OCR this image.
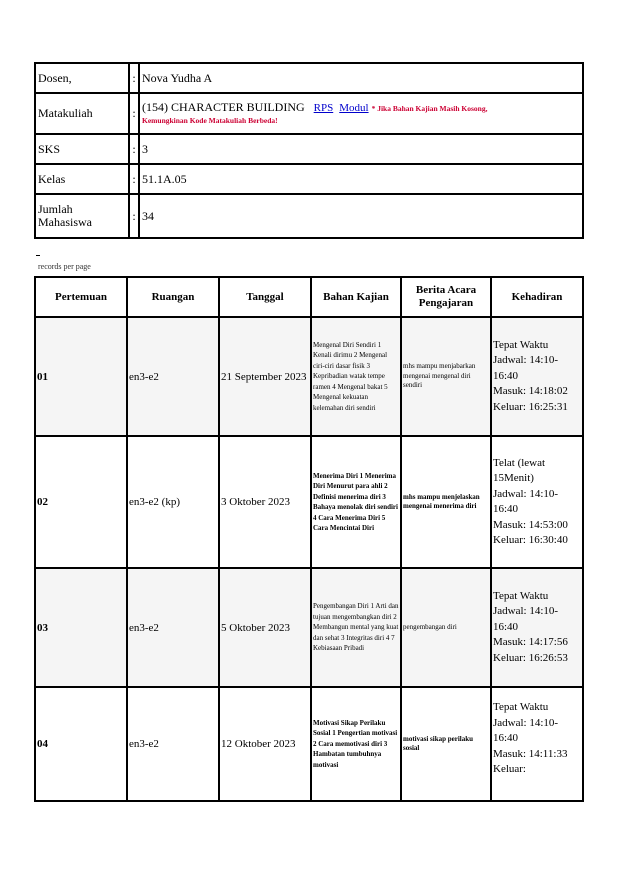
Dosen,	:	Nova Yudha A
Matakuliah	:	(154) CHARACTER BUILDING RPS Modul * Jika Bahan Kajian Masih Kosong,
Kemungkinan Kode Matakuliah Berbeda!

SKS	:	3
Kelas	:	51.1A.05

Jumlah
Mahasiswa	:	34
records per page
Pertemuan	Ruangan	Tanggal	Bahan Kajian	Berita Acara Pengajaran	Kehadiran
01	en3-e2	21 September 2023	Mengenal Diri Sendiri 1 Kenali dirimu 2 Mengenal ciri-ciri dasar fisik 3 Kepribadian watak tempe ramen 4 Mengenal bakat 5 Mengenal kekuatan kelemahan diri sendiri	mhs mampu menjabarkan mengenai mengenal diri sendiri	Tepat Waktu
Jadwal: 14:10-16:40
Masuk: 14:18:02
Keluar: 16:25:31

02	en3-e2 (kp)	3 Oktober 2023	Menerima Diri 1 Menerima Diri Menurut para ahli 2 Definisi menerima diri 3 Bahaya menolak diri sendiri 4 Cara Menerima Diri 5 Cara Mencintai Diri	mhs mampu menjelaskan mengenai menerima diri	Telat (lewat 15Menit)
Jadwal: 14:10-16:40
Masuk: 14:53:00
Keluar: 16:30:40

03	en3-e2	5 Oktober 2023	Pengembangan Diri 1 Arti dan tujuan mengembangkan diri 2 Membangun mental yang kuat dan sehat 3 Integritas diri 4 7 Kebiasaan Pribadi	pengembangan diri	Tepat Waktu
Jadwal: 14:10-16:40
Masuk: 14:17:56
Keluar: 16:26:53

04	en3-e2	12 Oktober 2023	Motivasi Sikap Perilaku Sosial 1 Pengertian motivasi 2 Cara memotivasi diri 3 Hambatan tumbuhnya motivasi	motivasi sikap perilaku sosial	Tepat Waktu
Jadwal: 14:10-16:40
Masuk: 14:11:33
Keluar:
